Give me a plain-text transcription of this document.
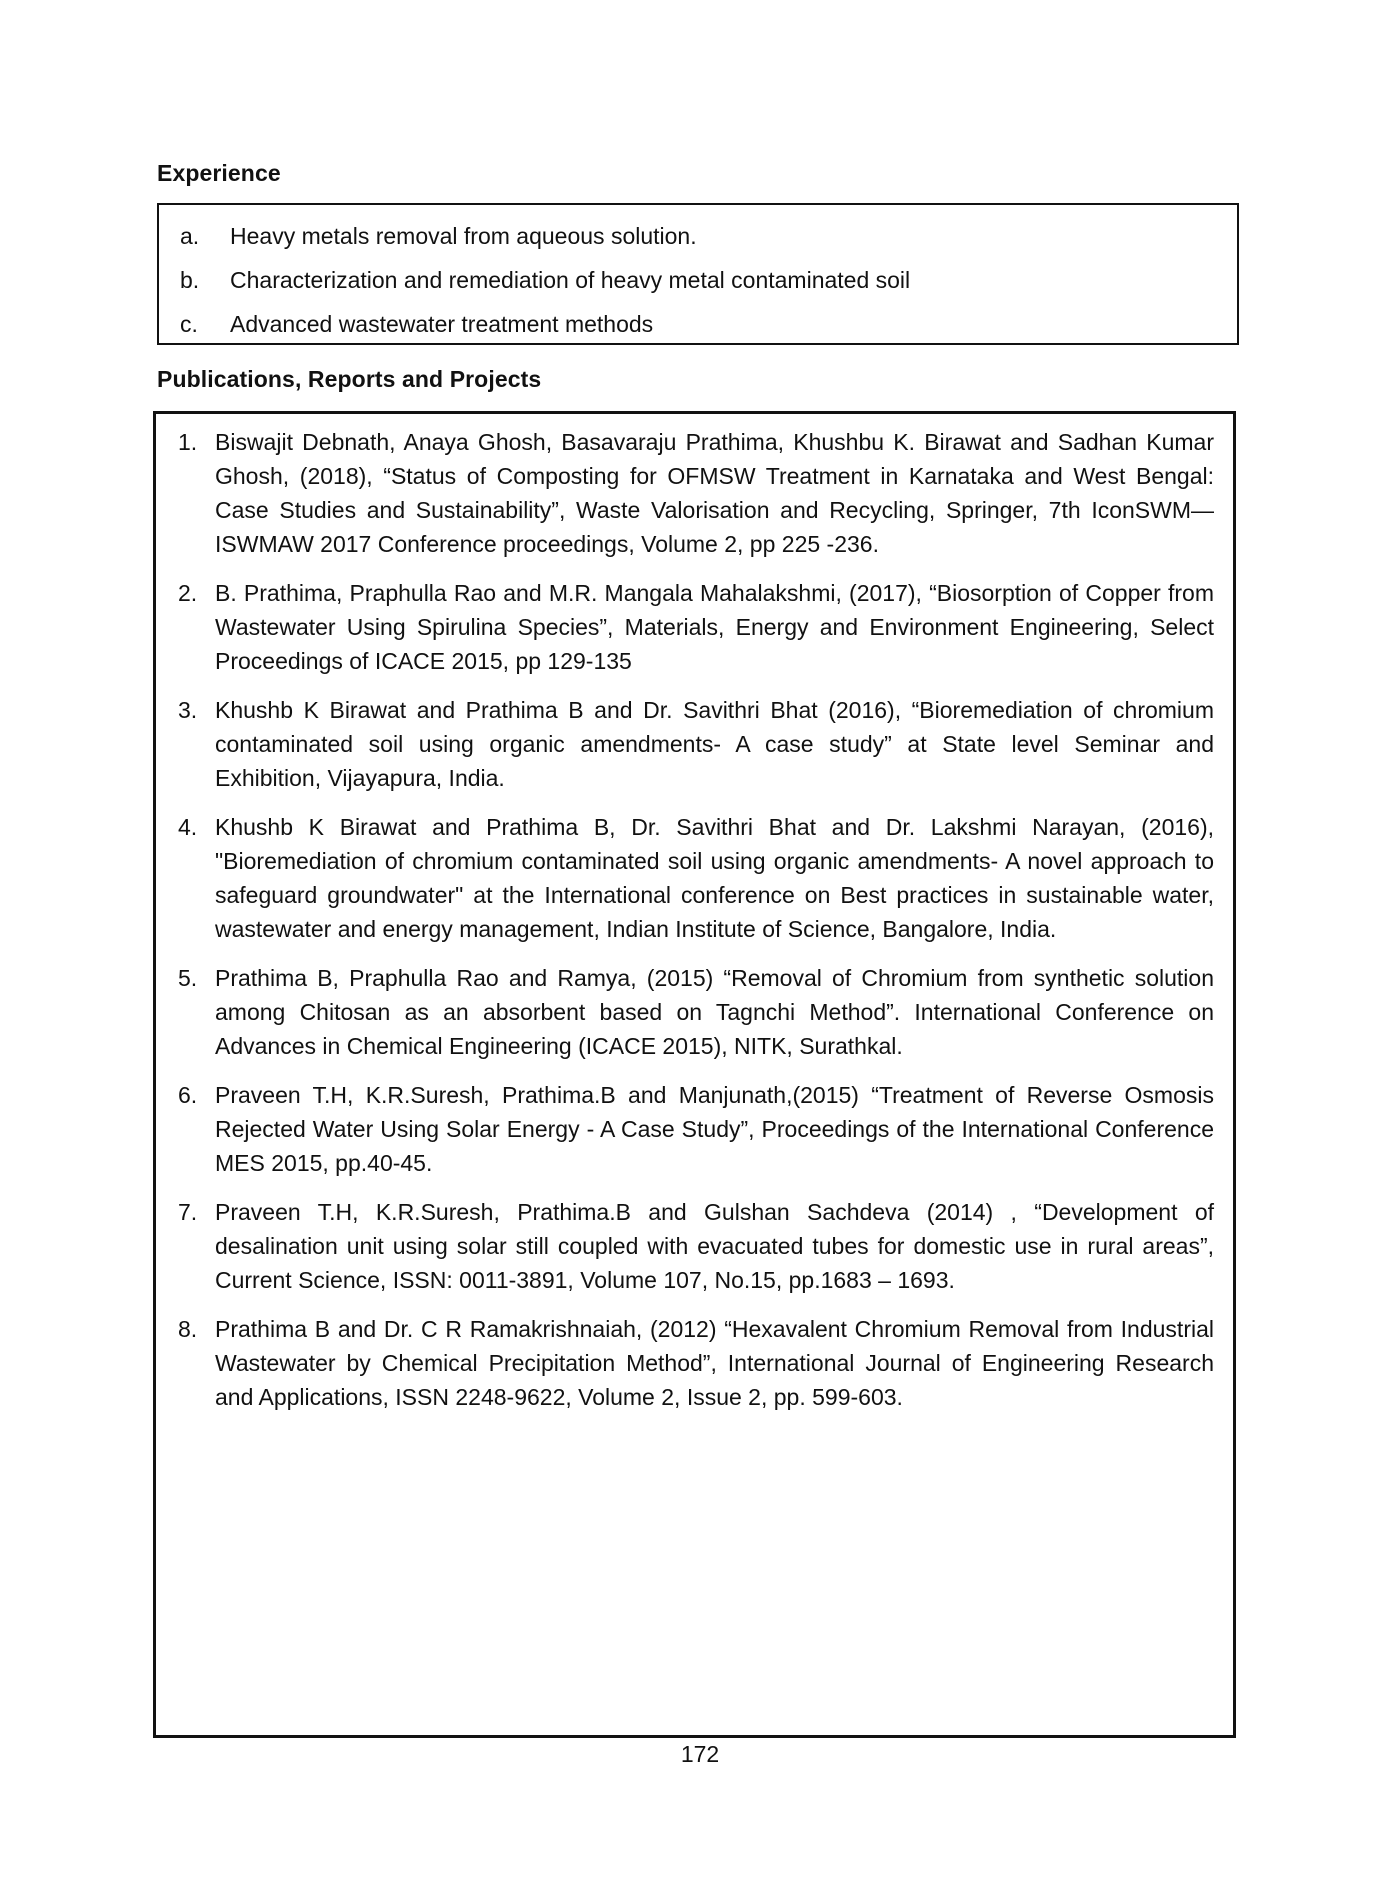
Experience
a. Heavy metals removal from aqueous solution.
b. Characterization and remediation of heavy metal contaminated soil
c. Advanced wastewater treatment methods
Publications, Reports and Projects
1. Biswajit Debnath, Anaya Ghosh, Basavaraju Prathima, Khushbu K. Birawat and Sadhan Kumar Ghosh, (2018), “Status of Composting for OFMSW Treatment in Karnataka and West Bengal: Case Studies and Sustainability”, Waste Valorisation and Recycling, Springer, 7th IconSWM—ISWMAW 2017 Conference proceedings, Volume 2, pp 225 -236.
2. B. Prathima, Praphulla Rao and M.R. Mangala Mahalakshmi, (2017), “Biosorption of Copper from Wastewater Using Spirulina Species”, Materials, Energy and Environment Engineering, Select Proceedings of ICACE 2015, pp 129-135
3. Khushb K Birawat and Prathima B and Dr. Savithri Bhat (2016), “Bioremediation of chromium contaminated soil using organic amendments- A case study” at State level Seminar and Exhibition, Vijayapura, India.
4. Khushb K Birawat and Prathima B, Dr. Savithri Bhat and Dr. Lakshmi Narayan, (2016), "Bioremediation of chromium contaminated soil using organic amendments- A novel approach to safeguard groundwater" at the International conference on Best practices in sustainable water, wastewater and energy management, Indian Institute of Science, Bangalore, India.
5. Prathima B, Praphulla Rao and Ramya, (2015) “Removal of Chromium from synthetic solution among Chitosan as an absorbent based on Tagnchi Method”. International Conference on Advances in Chemical Engineering (ICACE 2015), NITK, Surathkal.
6. Praveen T.H, K.R.Suresh, Prathima.B and Manjunath,(2015) “Treatment of Reverse Osmosis Rejected Water Using Solar Energy - A Case Study”, Proceedings of the International Conference MES 2015, pp.40-45.
7. Praveen T.H, K.R.Suresh, Prathima.B and Gulshan Sachdeva (2014) , “Development of desalination unit using solar still coupled with evacuated tubes for domestic use in rural areas”, Current Science, ISSN: 0011-3891, Volume 107, No.15, pp.1683 – 1693.
8. Prathima B and Dr. C R Ramakrishnaiah, (2012) “Hexavalent Chromium Removal from Industrial Wastewater by Chemical Precipitation Method”, International Journal of Engineering Research and Applications, ISSN 2248-9622, Volume 2, Issue 2, pp. 599-603.

172
